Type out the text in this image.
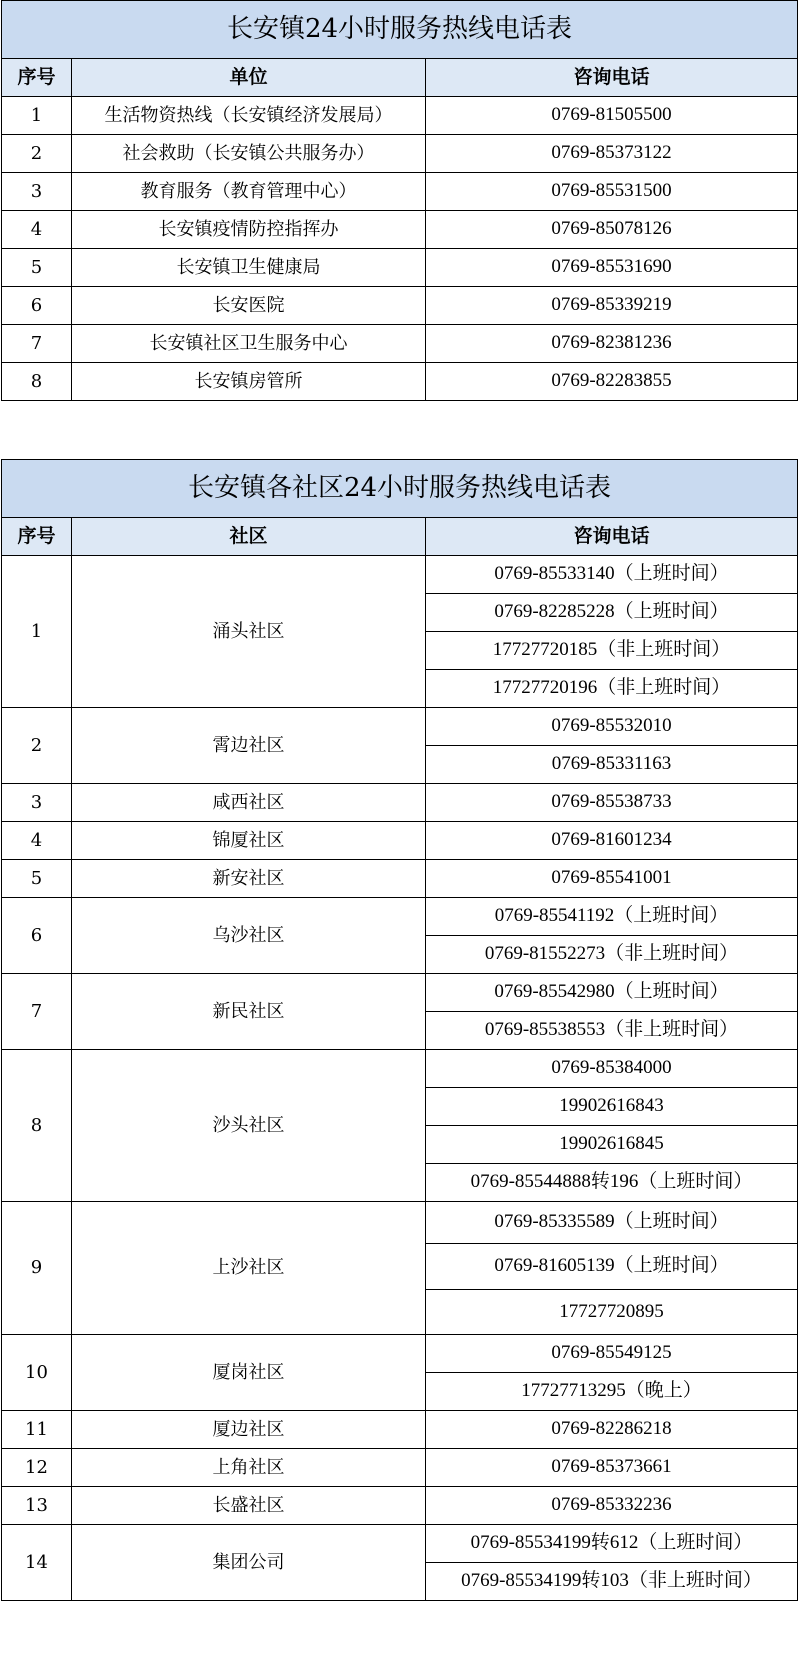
长安镇24小时服务热线电话表		
序号	单位	咨询电话
1	生活物资热线（长安镇经济发展局）	0769-81505500
2	社会救助（长安镇公共服务办）	0769-85373122
3	教育服务（教育管理中心）	0769-85531500
4	长安镇疫情防控指挥办	0769-85078126
5	长安镇卫生健康局	0769-85531690
6	长安医院	0769-85339219
7	长安镇社区卫生服务中心	0769-82381236
8	长安镇房管所	0769-82283855
长安镇各社区24小时服务热线电话表		
序号	社区	咨询电话
1	涌头社区	0769-85533140（上班时间）
		0769-82285228（上班时间）
		17727720185（非上班时间）
		17727720196（非上班时间）
2	霄边社区	0769-85532010
		0769-85331163
3	咸西社区	0769-85538733
4	锦厦社区	0769-81601234
5	新安社区	0769-85541001
6	乌沙社区	0769-85541192（上班时间）
		0769-81552273（非上班时间）
7	新民社区	0769-85542980（上班时间）
		0769-85538553（非上班时间）
8	沙头社区	0769-85384000
		19902616843
		19902616845
		0769-85544888转196（上班时间）
9	上沙社区	0769-85335589（上班时间）
		0769-81605139（上班时间）
		17727720895
10	厦岗社区	0769-85549125
		17727713295（晚上）
11	厦边社区	0769-82286218
12	上角社区	0769-85373661
13	长盛社区	0769-85332236
14	集团公司	0769-85534199转612（上班时间）
		0769-85534199转103（非上班时间）
